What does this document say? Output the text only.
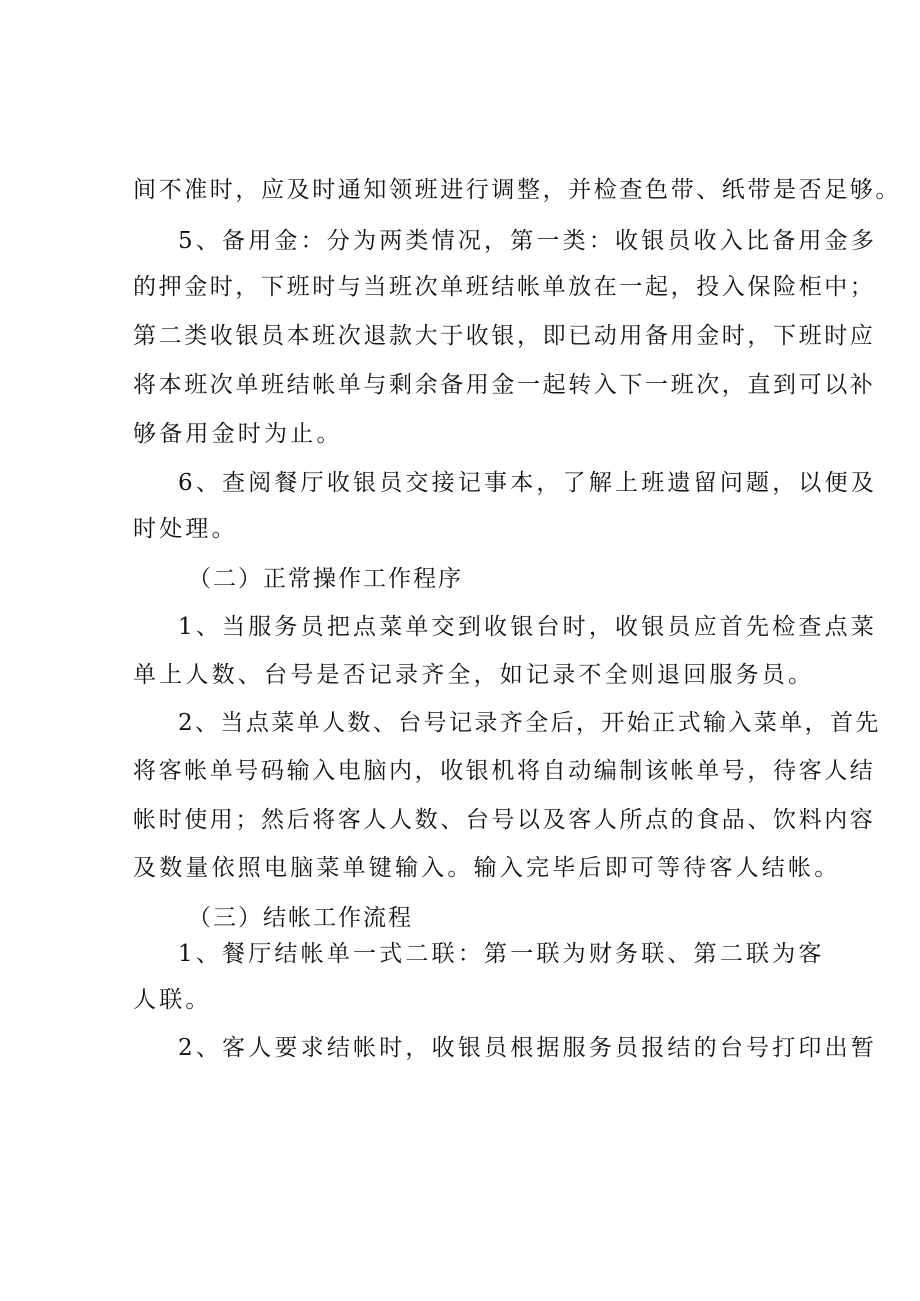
间不准时，应及时通知领班进行调整，并检查色带、纸带是否足够。
5、备用金：分为两类情况，第一类：收银员收入比备用金多
的押金时，下班时与当班次单班结帐单放在一起，投入保险柜中；
第二类收银员本班次退款大于收银，即已动用备用金时，下班时应
将本班次单班结帐单与剩余备用金一起转入下一班次，直到可以补
够备用金时为止。
6、查阅餐厅收银员交接记事本，了解上班遗留问题，以便及
时处理。
（二）正常操作工作程序
1、当服务员把点菜单交到收银台时，收银员应首先检查点菜
单上人数、台号是否记录齐全，如记录不全则退回服务员。
2、当点菜单人数、台号记录齐全后，开始正式输入菜单，首先
将客帐单号码输入电脑内，收银机将自动编制该帐单号，待客人结
帐时使用；然后将客人人数、台号以及客人所点的食品、饮料内容
及数量依照电脑菜单键输入。输入完毕后即可等待客人结帐。
（三）结帐工作流程
1、餐厅结帐单一式二联：第一联为财务联、第二联为客
人联。
2、客人要求结帐时，收银员根据服务员报结的台号打印出暂
